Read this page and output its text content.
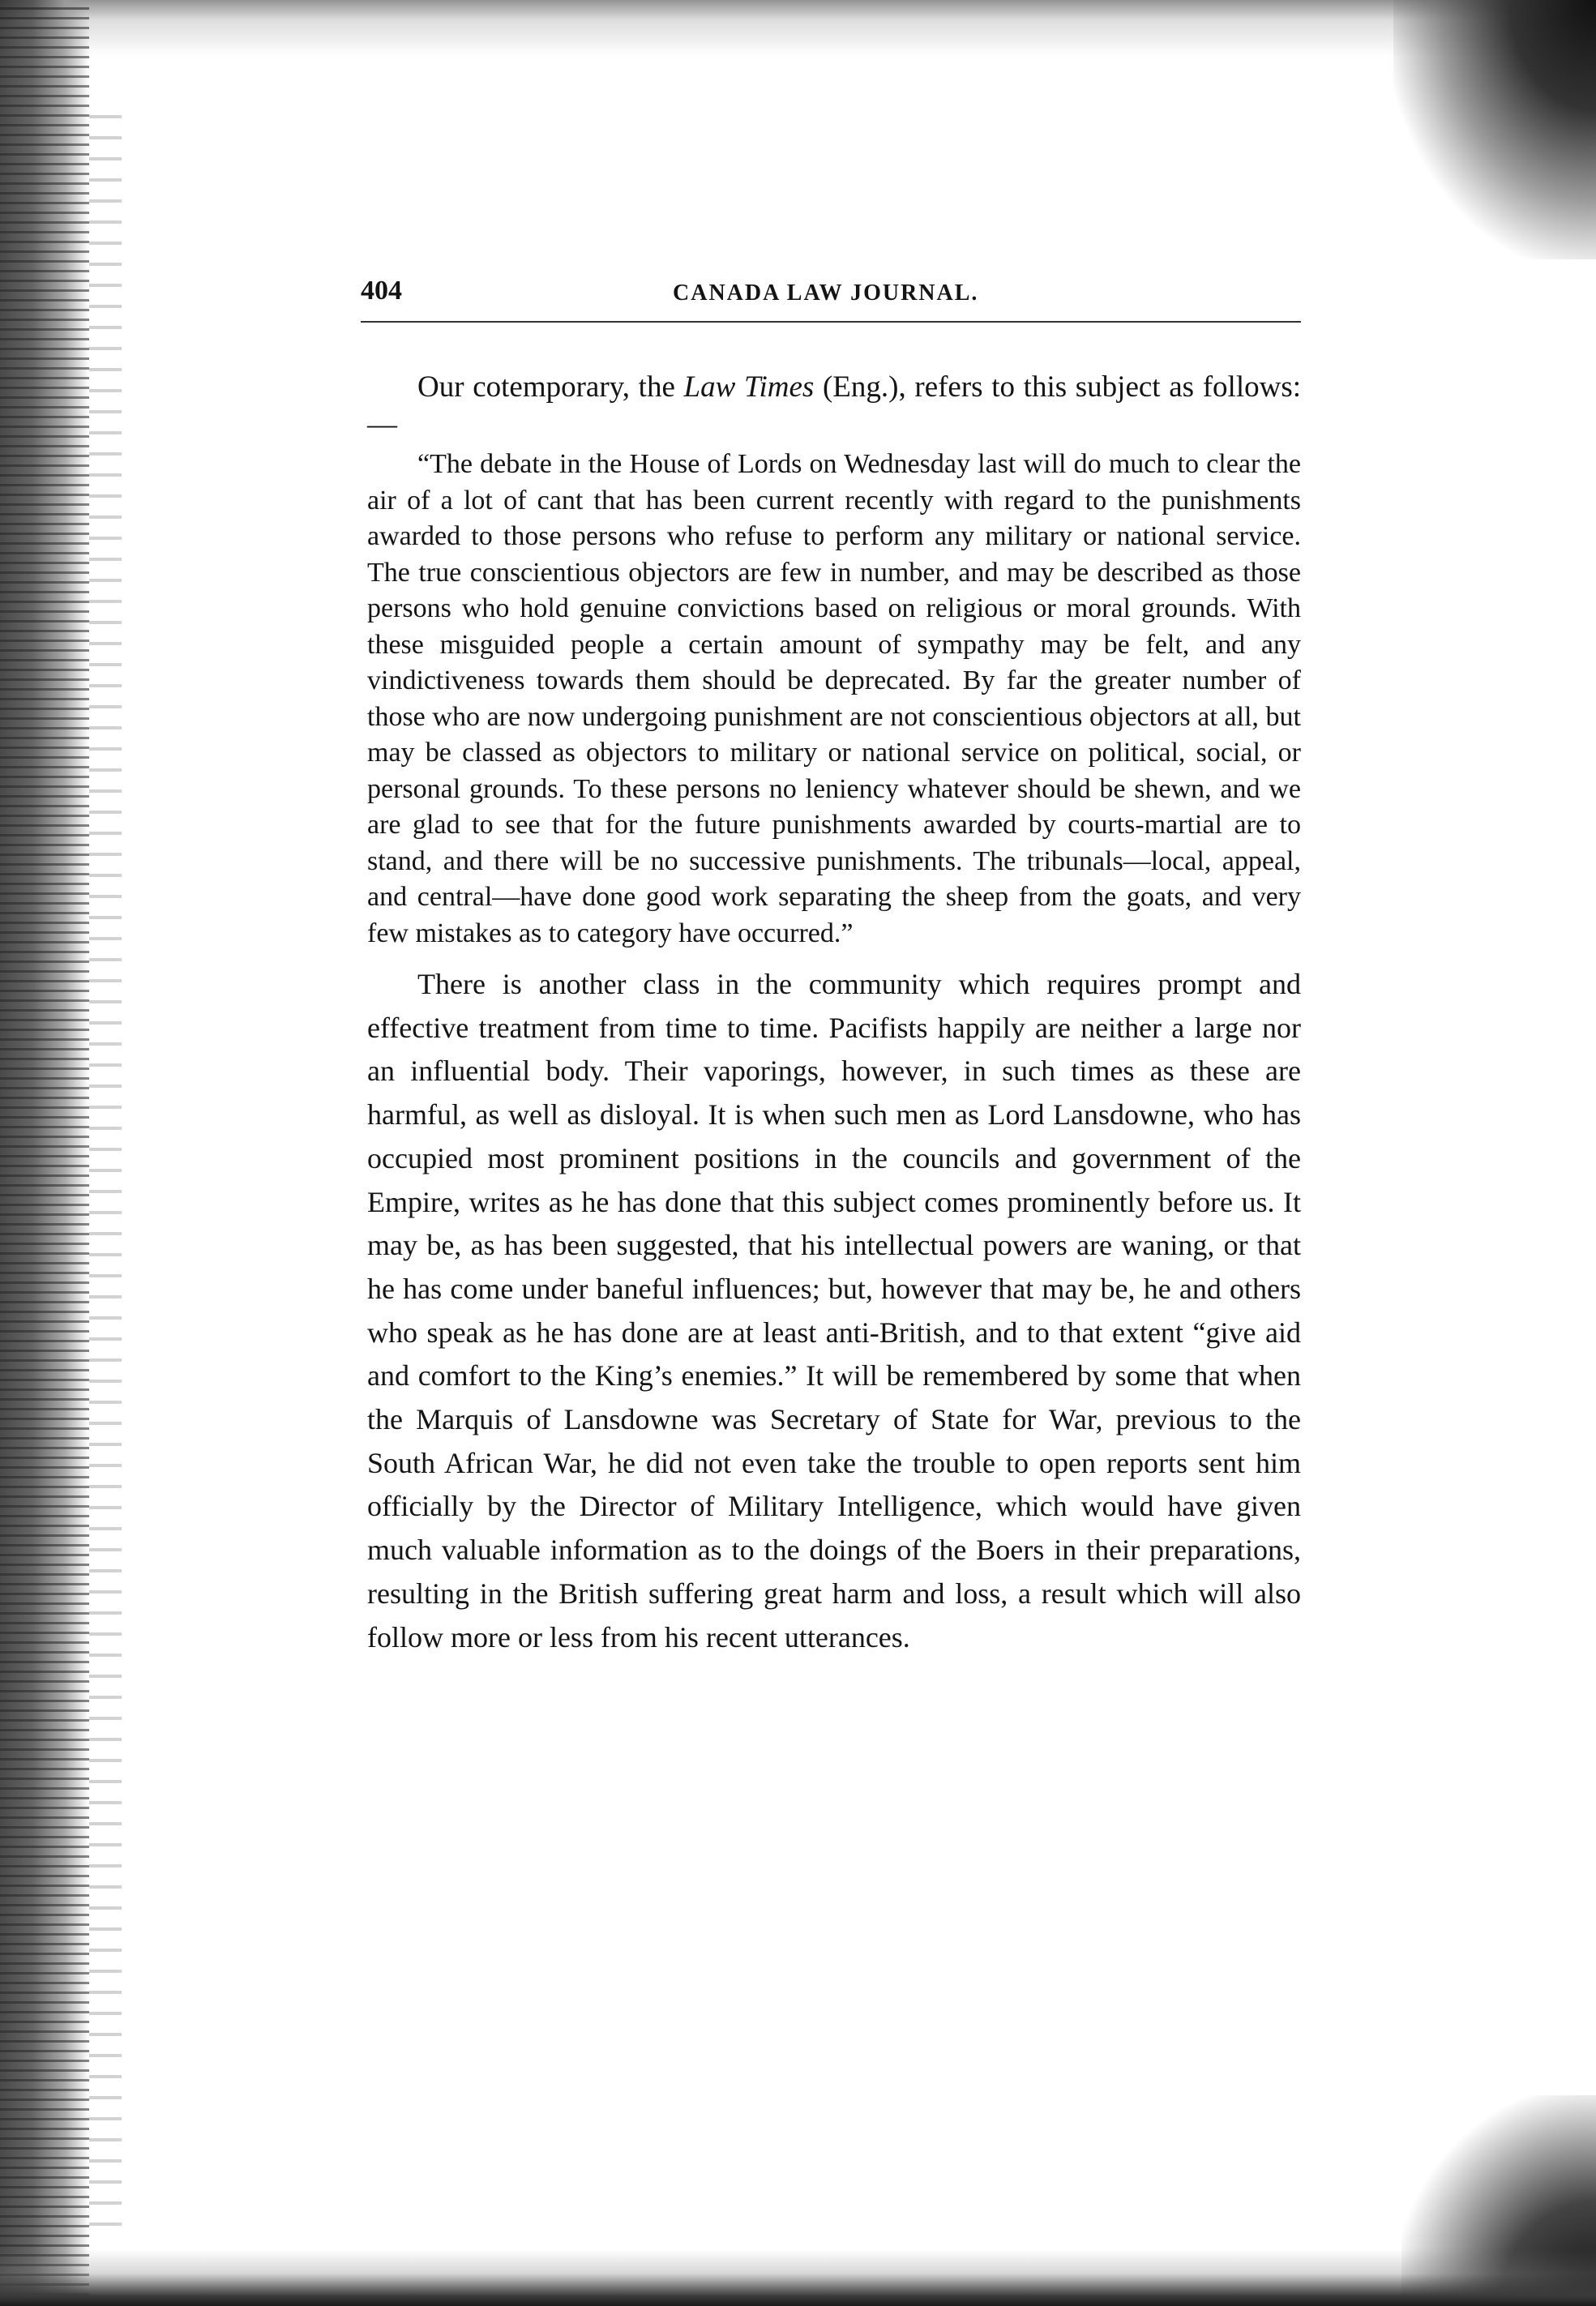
404	CANADA LAW JOURNAL.

Our cotemporary, the Law Times (Eng.), refers to this subject as follows:—

“The debate in the House of Lords on Wednesday last will do much to clear the air of a lot of cant that has been current recently with regard to the punishments awarded to those persons who refuse to perform any military or national service. The true conscientious objectors are few in number, and may be described as those persons who hold genuine convictions based on religious or moral grounds. With these misguided people a certain amount of sympathy may be felt, and any vindictiveness towards them should be deprecated. By far the greater number of those who are now undergoing punishment are not conscientious objectors at all, but may be classed as objectors to military or national service on political, social, or personal grounds. To these persons no leniency whatever should be shewn, and we are glad to see that for the future punishments awarded by courts-martial are to stand, and there will be no successive punishments. The tribunals—local, appeal, and central—have done good work separating the sheep from the goats, and very few mistakes as to category have occurred.”

There is another class in the community which requires prompt and effective treatment from time to time. Pacifists happily are neither a large nor an influential body. Their vaporings, however, in such times as these are harmful, as well as disloyal. It is when such men as Lord Lansdowne, who has occupied most prominent positions in the councils and government of the Empire, writes as he has done that this subject comes prominently before us. It may be, as has been suggested, that his intellectual powers are waning, or that he has come under baneful influences; but, however that may be, he and others who speak as he has done are at least anti-British, and to that extent “give aid and comfort to the King’s enemies.” It will be remembered by some that when the Marquis of Lansdowne was Secretary of State for War, previous to the South African War, he did not even take the trouble to open reports sent him officially by the Director of Military Intelligence, which would have given much valuable information as to the doings of the Boers in their preparations, resulting in the British suffering great harm and loss, a result which will also follow more or less from his recent utterances.
